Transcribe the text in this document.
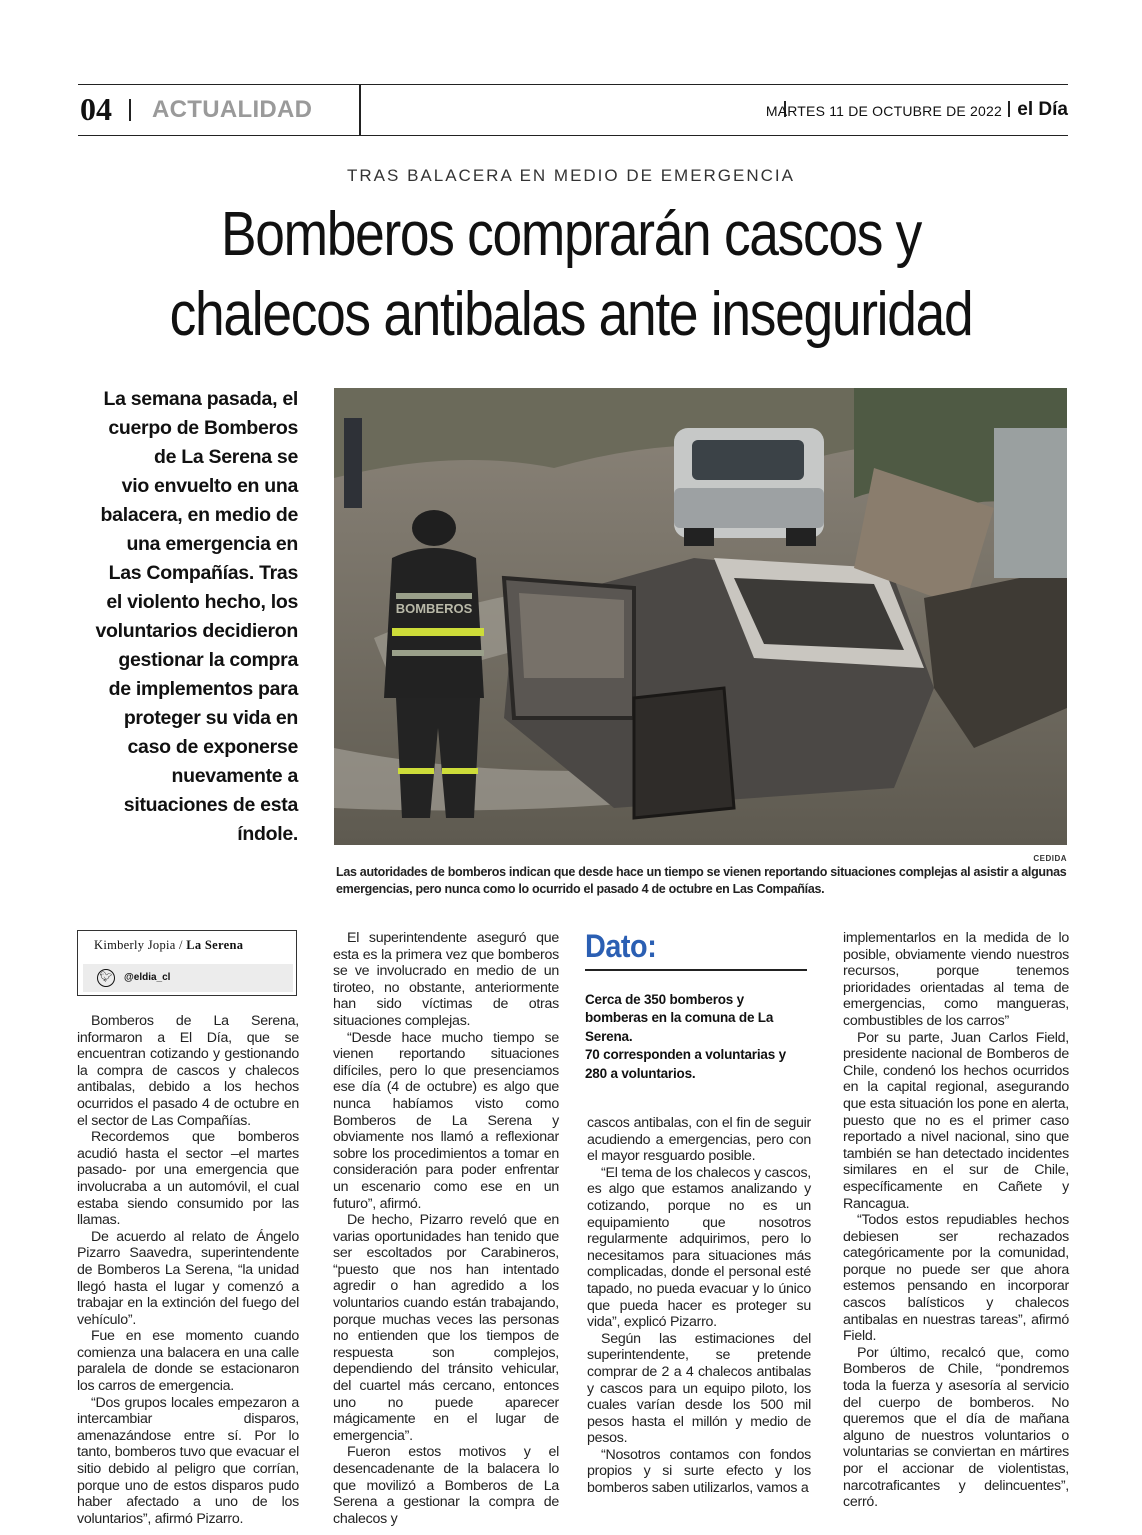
04 ACTUALIDAD	MARTES 11 DE OCTUBRE DE 2022 el Día
TRAS BALACERA EN MEDIO DE EMERGENCIA
Bomberos comprarán cascos y
chalecos antibalas ante inseguridad
La semana pasada, el
cuerpo de Bomberos
de La Serena se
vio envuelto en una
balacera, en medio de
una emergencia en
Las Compañías. Tras
el violento hecho, los
voluntarios decidieron
gestionar la compra
de implementos para
proteger su vida en
caso de exponerse
nuevamente a
situaciones de esta
índole.
BOMBEROS
CEDIDA
Las autoridades de bomberos indican que desde hace un tiempo se vienen reportando situaciones complejas al asistir a algunas emergencias, pero nunca como lo ocurrido el pasado 4 de octubre en Las Compañías.
Kimberly Jopia / La Serena
🐦︎ @eldia_cl

Bomberos de La Serena, informaron a El Día, que se encuentran cotizando y gestionando la compra de cascos y chalecos antibalas, debido a los hechos ocurridos el pasado 4 de octubre en el sector de Las Compañías.

Recordemos que bomberos acudió hasta el sector –el martes pasado- por una emergencia que involucraba a un automóvil, el cual estaba siendo consumido por las llamas.

De acuerdo al relato de Ángelo Pizarro Saavedra, superintendente de Bomberos La Serena, “la unidad llegó hasta el lugar y comenzó a trabajar en la extinción del fuego del vehículo”.

Fue en ese momento cuando comienza una balacera en una calle paralela de donde se estacionaron los carros de emergencia.

“Dos grupos locales empezaron a intercambiar disparos, amenazándose entre sí. Por lo tanto, bomberos tuvo que evacuar el sitio debido al peligro que corrían, porque uno de estos disparos pudo haber afectado a uno de los voluntarios”, afirmó Pizarro.

El superintendente aseguró que esta es la primera vez que bomberos se ve involucrado en medio de un tiroteo, no obstante, anteriormente han sido víctimas de otras situaciones complejas.

“Desde hace mucho tiempo se vienen reportando situaciones difíciles, pero lo que presenciamos ese día (4 de octubre) es algo que nunca habíamos visto como Bomberos de La Serena y obviamente nos llamó a reflexionar sobre los procedimientos a tomar en consideración para poder enfrentar un escenario como ese en un futuro”, afirmó.

De hecho, Pizarro reveló que en varias oportunidades han tenido que ser escoltados por Carabineros, “puesto que nos han intentado agredir o han agredido a los voluntarios cuando están trabajando, porque muchas veces las personas no entienden que los tiempos de respuesta son complejos, dependiendo del tránsito vehicular, del cuartel más cercano, entonces uno no puede aparecer mágicamente en el lugar de emergencia”.

Fueron estos motivos y el desencadenante de la balacera lo que movilizó a Bomberos de La Serena a gestionar la compra de chalecos y

Dato:
Cerca de 350 bomberos y bomberas en la comuna de La Serena.
70 corresponden a voluntarias y 280 a voluntarios.

cascos antibalas, con el fin de seguir acudiendo a emergencias, pero con el mayor resguardo posible.

“El tema de los chalecos y cascos, es algo que estamos analizando y cotizando, porque no es un equipamiento que nosotros regularmente adquirimos, pero lo necesitamos para situaciones más complicadas, donde el personal esté tapado, no pueda evacuar y lo único que pueda hacer es proteger su vida”, explicó Pizarro.

Según las estimaciones del superintendente, se pretende comprar de 2 a 4 chalecos antibalas y cascos para un equipo piloto, los cuales varían desde los 500 mil pesos hasta el millón y medio de pesos.

“Nosotros contamos con fondos propios y si surte efecto y los bomberos saben utilizarlos, vamos a

implementarlos en la medida de lo posible, obviamente viendo nuestros recursos, porque tenemos prioridades orientadas al tema de emergencias, como mangueras, combustibles de los carros”

Por su parte, Juan Carlos Field, presidente nacional de Bomberos de Chile, condenó los hechos ocurridos en la capital regional, asegurando que esta situación los pone en alerta, puesto que no es el primer caso reportado a nivel nacional, sino que también se han detectado incidentes similares en el sur de Chile, específicamente en Cañete y Rancagua.

“Todos estos repudiables hechos debiesen ser rechazados categóricamente por la comunidad, porque no puede ser que ahora estemos pensando en incorporar cascos balísticos y chalecos antibalas en nuestras tareas”, afirmó Field.

Por último, recalcó que, como Bomberos de Chile, “pondremos toda la fuerza y asesoría al servicio del cuerpo de bomberos. No queremos que el día de mañana alguno de nuestros voluntarios o voluntarias se conviertan en mártires por el accionar de violentistas, narcotraficantes y delincuentes”, cerró.
